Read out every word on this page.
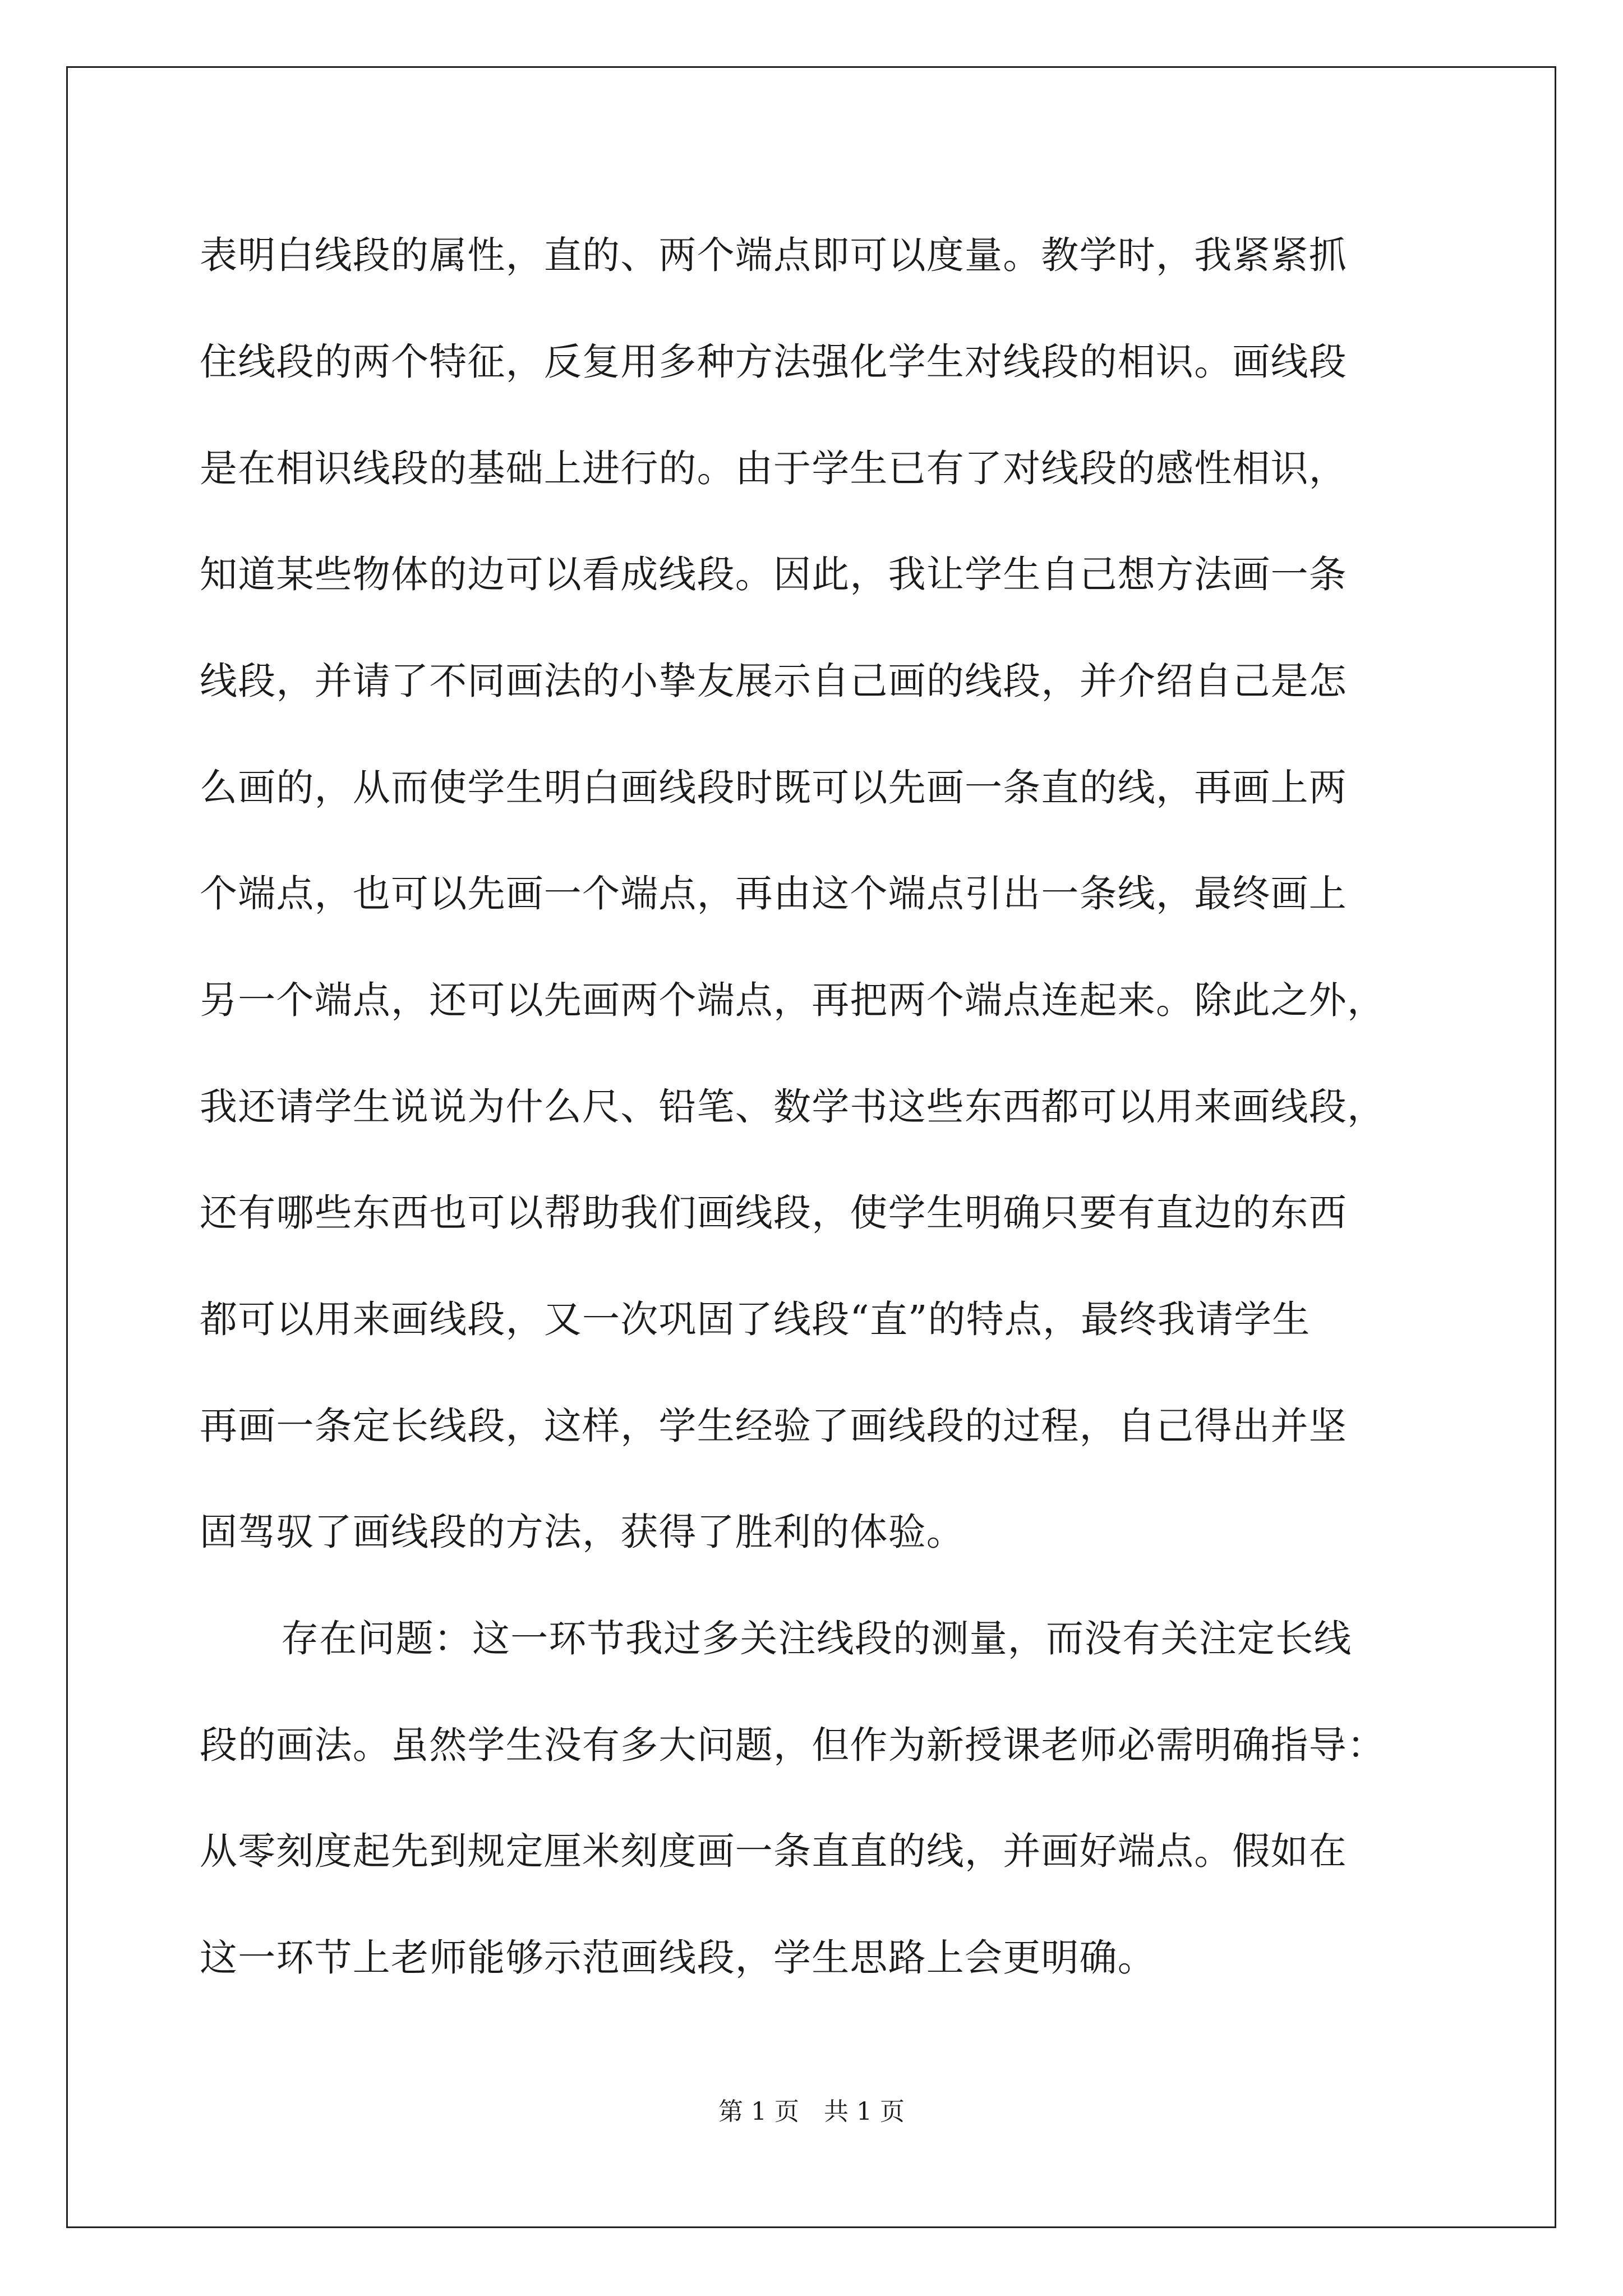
表明白线段的属性，直的、两个端点即可以度量。教学时，我紧紧抓
住线段的两个特征，反复用多种方法强化学生对线段的相识。画线段
是在相识线段的基础上进行的。由于学生已有了对线段的感性相识，
知道某些物体的边可以看成线段。因此，我让学生自己想方法画一条
线段，并请了不同画法的小挚友展示自己画的线段，并介绍自己是怎
么画的，从而使学生明白画线段时既可以先画一条直的线，再画上两
个端点，也可以先画一个端点，再由这个端点引出一条线，最终画上
另一个端点，还可以先画两个端点，再把两个端点连起来。除此之外，
我还请学生说说为什么尺、铅笔、数学书这些东西都可以用来画线段，
还有哪些东西也可以帮助我们画线段，使学生明确只要有直边的东西
都可以用来画线段，又一次巩固了线段“直”的特点，最终我请学生
再画一条定长线段，这样，学生经验了画线段的过程，自己得出并坚
固驾驭了画线段的方法，获得了胜利的体验。
存在问题：这一环节我过多关注线段的测量，而没有关注定长线
段的画法。虽然学生没有多大问题，但作为新授课老师必需明确指导：
从零刻度起先到规定厘米刻度画一条直直的线，并画好端点。假如在
这一环节上老师能够示范画线段，学生思路上会更明确。
第 1 页　共 1 页
